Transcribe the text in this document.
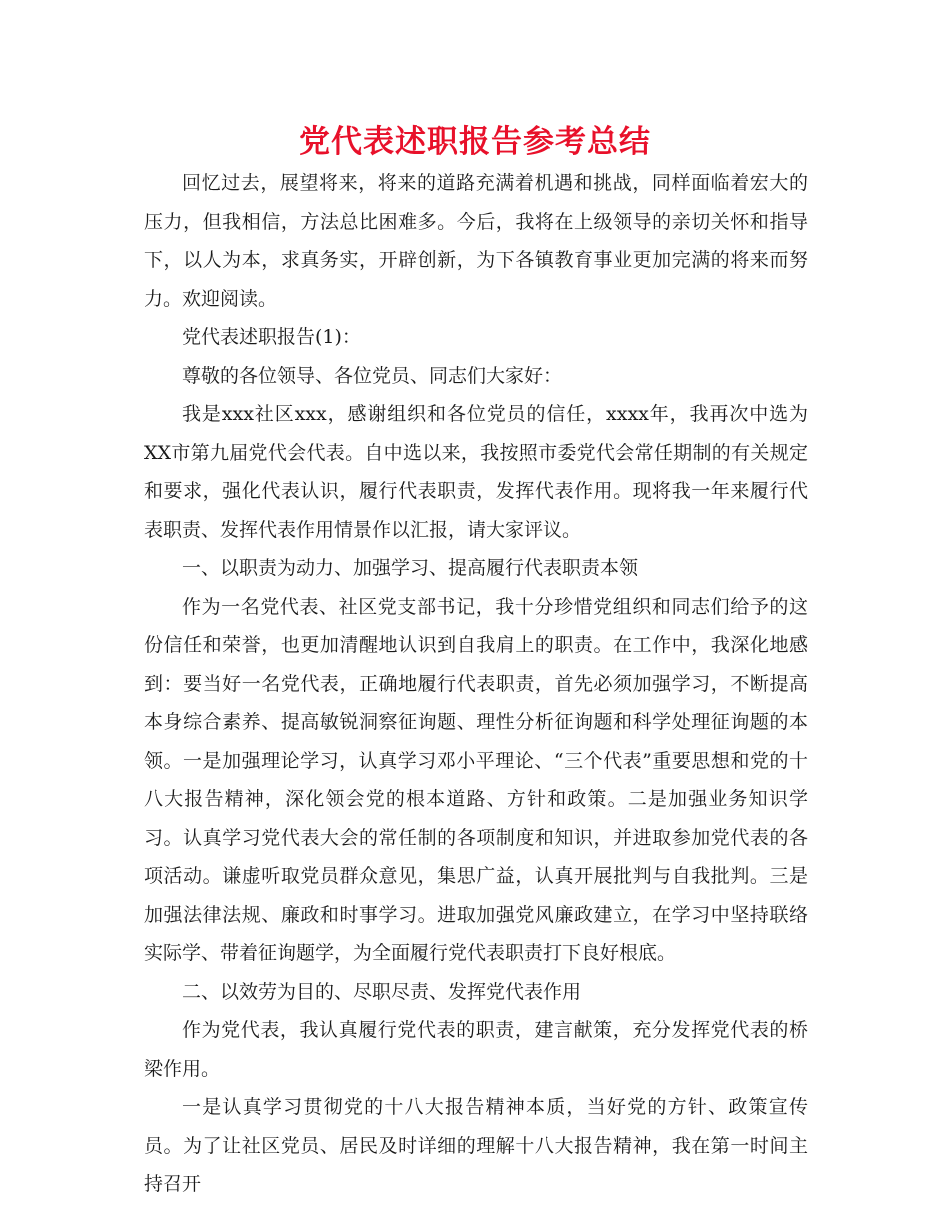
党代表述职报告参考总结

回忆过去，展望将来，将来的道路充满着机遇和挑战，同样面临着宏大的压力，但我相信，方法总比困难多。今后，我将在上级领导的亲切关怀和指导下，以人为本，求真务实，开辟创新，为下各镇教育事业更加完满的将来而努力。欢迎阅读。

党代表述职报告(1)：

尊敬的各位领导、各位党员、同志们大家好：

我是xxx社区xxx，感谢组织和各位党员的信任，xxxx年，我再次中选为XX市第九届党代会代表。自中选以来，我按照市委党代会常任期制的有关规定和要求，强化代表认识，履行代表职责，发挥代表作用。现将我一年来履行代表职责、发挥代表作用情景作以汇报，请大家评议。

一、以职责为动力、加强学习、提高履行代表职责本领

作为一名党代表、社区党支部书记，我十分珍惜党组织和同志们给予的这份信任和荣誉，也更加清醒地认识到自我肩上的职责。在工作中，我深化地感到：要当好一名党代表，正确地履行代表职责，首先必须加强学习，不断提高本身综合素养、提高敏锐洞察征询题、理性分析征询题和科学处理征询题的本领。一是加强理论学习，认真学习邓小平理论、“三个代表”重要思想和党的十八大报告精神，深化领会党的根本道路、方针和政策。二是加强业务知识学习。认真学习党代表大会的常任制的各项制度和知识，并进取参加党代表的各项活动。谦虚听取党员群众意见，集思广益，认真开展批判与自我批判。三是加强法律法规、廉政和时事学习。进取加强党风廉政建立，在学习中坚持联络实际学、带着征询题学，为全面履行党代表职责打下良好根底。

二、以效劳为目的、尽职尽责、发挥党代表作用

作为党代表，我认真履行党代表的职责，建言献策，充分发挥党代表的桥梁作用。

一是认真学习贯彻党的十八大报告精神本质，当好党的方针、政策宣传员。为了让社区党员、居民及时详细的理解十八大报告精神，我在第一时间主持召开
